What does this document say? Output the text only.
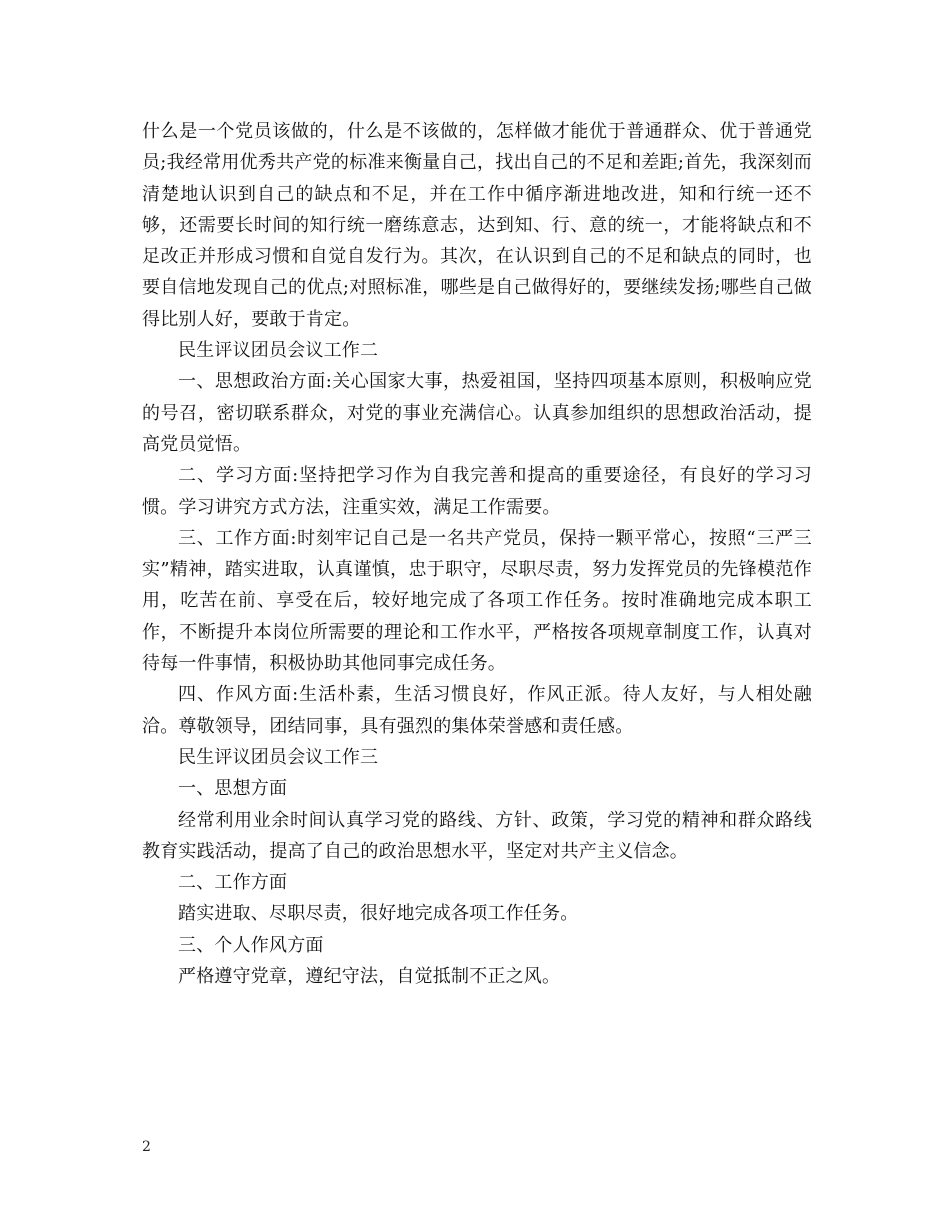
什么是一个党员该做的，什么是不该做的，怎样做才能优于普通群众、优于普通党员;我经常用优秀共产党的标准来衡量自己，找出自己的不足和差距;首先，我深刻而清楚地认识到自己的缺点和不足，并在工作中循序渐进地改进，知和行统一还不够，还需要长时间的知行统一磨练意志，达到知、行、意的统一，才能将缺点和不足改正并形成习惯和自觉自发行为。其次，在认识到自己的不足和缺点的同时，也要自信地发现自己的优点;对照标准，哪些是自己做得好的，要继续发扬;哪些自己做得比别人好，要敢于肯定。

民生评议团员会议工作二

一、思想政治方面:关心国家大事，热爱祖国，坚持四项基本原则，积极响应党的号召，密切联系群众，对党的事业充满信心。认真参加组织的思想政治活动，提高党员觉悟。

二、学习方面:坚持把学习作为自我完善和提高的重要途径，有良好的学习习惯。学习讲究方式方法，注重实效，满足工作需要。

三、工作方面:时刻牢记自己是一名共产党员，保持一颗平常心，按照“三严三实”精神，踏实进取，认真谨慎，忠于职守，尽职尽责，努力发挥党员的先锋模范作用，吃苦在前、享受在后，较好地完成了各项工作任务。按时准确地完成本职工作，不断提升本岗位所需要的理论和工作水平，严格按各项规章制度工作，认真对待每一件事情，积极协助其他同事完成任务。

四、作风方面:生活朴素，生活习惯良好，作风正派。待人友好，与人相处融洽。尊敬领导，团结同事，具有强烈的集体荣誉感和责任感。

民生评议团员会议工作三

一、思想方面

经常利用业余时间认真学习党的路线、方针、政策，学习党的精神和群众路线教育实践活动，提高了自己的政治思想水平，坚定对共产主义信念。

二、工作方面

踏实进取、尽职尽责，很好地完成各项工作任务。

三、个人作风方面

严格遵守党章，遵纪守法，自觉抵制不正之风。

2
